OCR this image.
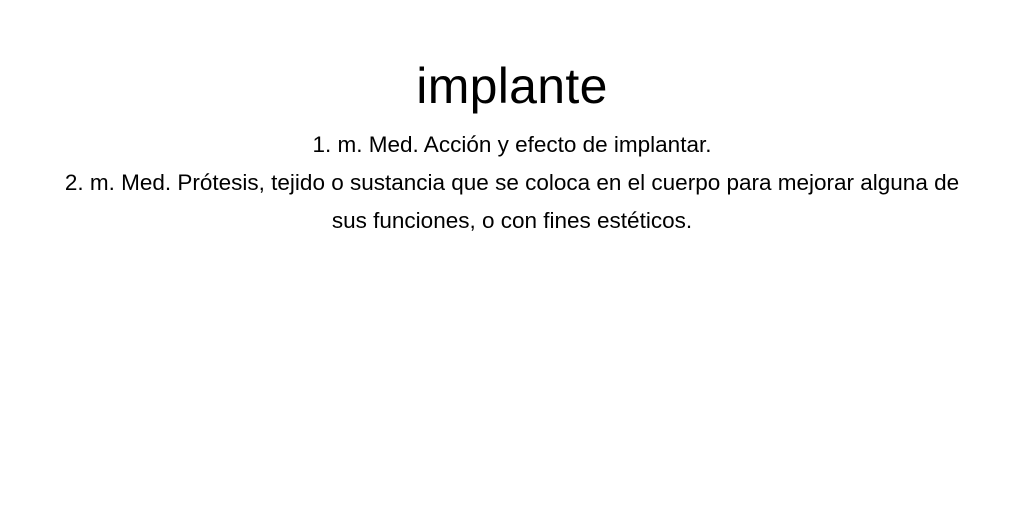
implante
1. m. Med. Acción y efecto de implantar.
2. m. Med. Prótesis, tejido o sustancia que se coloca en el cuerpo para mejorar alguna de sus funciones, o con fines estéticos.
